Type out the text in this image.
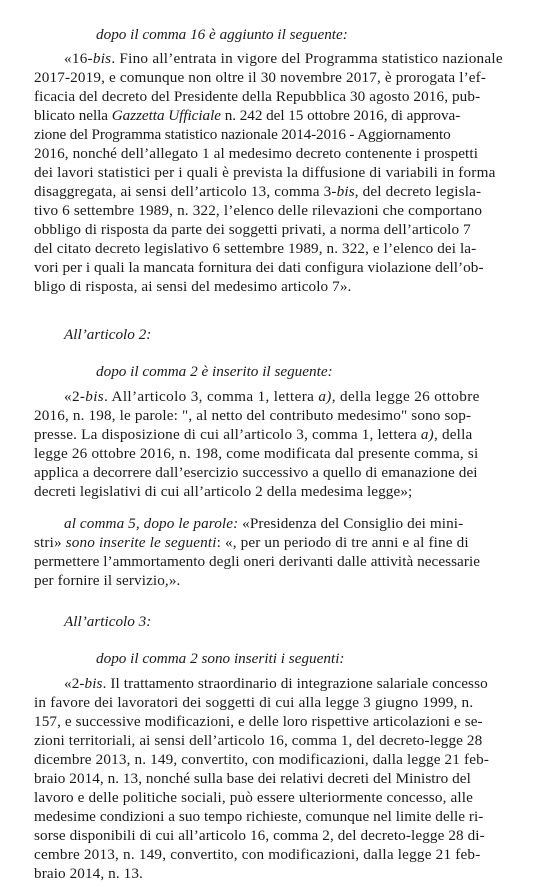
dopo il comma 16 è aggiunto il seguente:
«16-bis. Fino all’entrata in vigore del Programma statistico nazionale
2017-2019, e comunque non oltre il 30 novembre 2017, è prorogata l’ef-
ficacia del decreto del Presidente della Repubblica 30 agosto 2016, pub-
blicato nella Gazzetta Ufficiale n. 242 del 15 ottobre 2016, di approva-
zione del Programma statistico nazionale 2014-2016 - Aggiornamento
2016, nonché dell’allegato 1 al medesimo decreto contenente i prospetti
dei lavori statistici per i quali è prevista la diffusione di variabili in forma
disaggregata, ai sensi dell’articolo 13, comma 3-bis, del decreto legisla-
tivo 6 settembre 1989, n. 322, l’elenco delle rilevazioni che comportano
obbligo di risposta da parte dei soggetti privati, a norma dell’articolo 7
del citato decreto legislativo 6 settembre 1989, n. 322, e l’elenco dei la-
vori per i quali la mancata fornitura dei dati configura violazione dell’ob-
bligo di risposta, ai sensi del medesimo articolo 7».
All’articolo 2:
dopo il comma 2 è inserito il seguente:
«2-bis. All’articolo 3, comma 1, lettera a), della legge 26 ottobre
2016, n. 198, le parole: ", al netto del contributo medesimo" sono sop-
presse. La disposizione di cui all’articolo 3, comma 1, lettera a), della
legge 26 ottobre 2016, n. 198, come modificata dal presente comma, si
applica a decorrere dall’esercizio successivo a quello di emanazione dei
decreti legislativi di cui all’articolo 2 della medesima legge»;
al comma 5, dopo le parole: «Presidenza del Consiglio dei mini-
stri» sono inserite le seguenti: «, per un periodo di tre anni e al fine di
permettere l’ammortamento degli oneri derivanti dalle attività necessarie
per fornire il servizio,».
All’articolo 3:
dopo il comma 2 sono inseriti i seguenti:
«2-bis. Il trattamento straordinario di integrazione salariale concesso
in favore dei lavoratori dei soggetti di cui alla legge 3 giugno 1999, n.
157, e successive modificazioni, e delle loro rispettive articolazioni e se-
zioni territoriali, ai sensi dell’articolo 16, comma 1, del decreto-legge 28
dicembre 2013, n. 149, convertito, con modificazioni, dalla legge 21 feb-
braio 2014, n. 13, nonché sulla base dei relativi decreti del Ministro del
lavoro e delle politiche sociali, può essere ulteriormente concesso, alle
medesime condizioni a suo tempo richieste, comunque nel limite delle ri-
sorse disponibili di cui all’articolo 16, comma 2, del decreto-legge 28 di-
cembre 2013, n. 149, convertito, con modificazioni, dalla legge 21 feb-
braio 2014, n. 13.
